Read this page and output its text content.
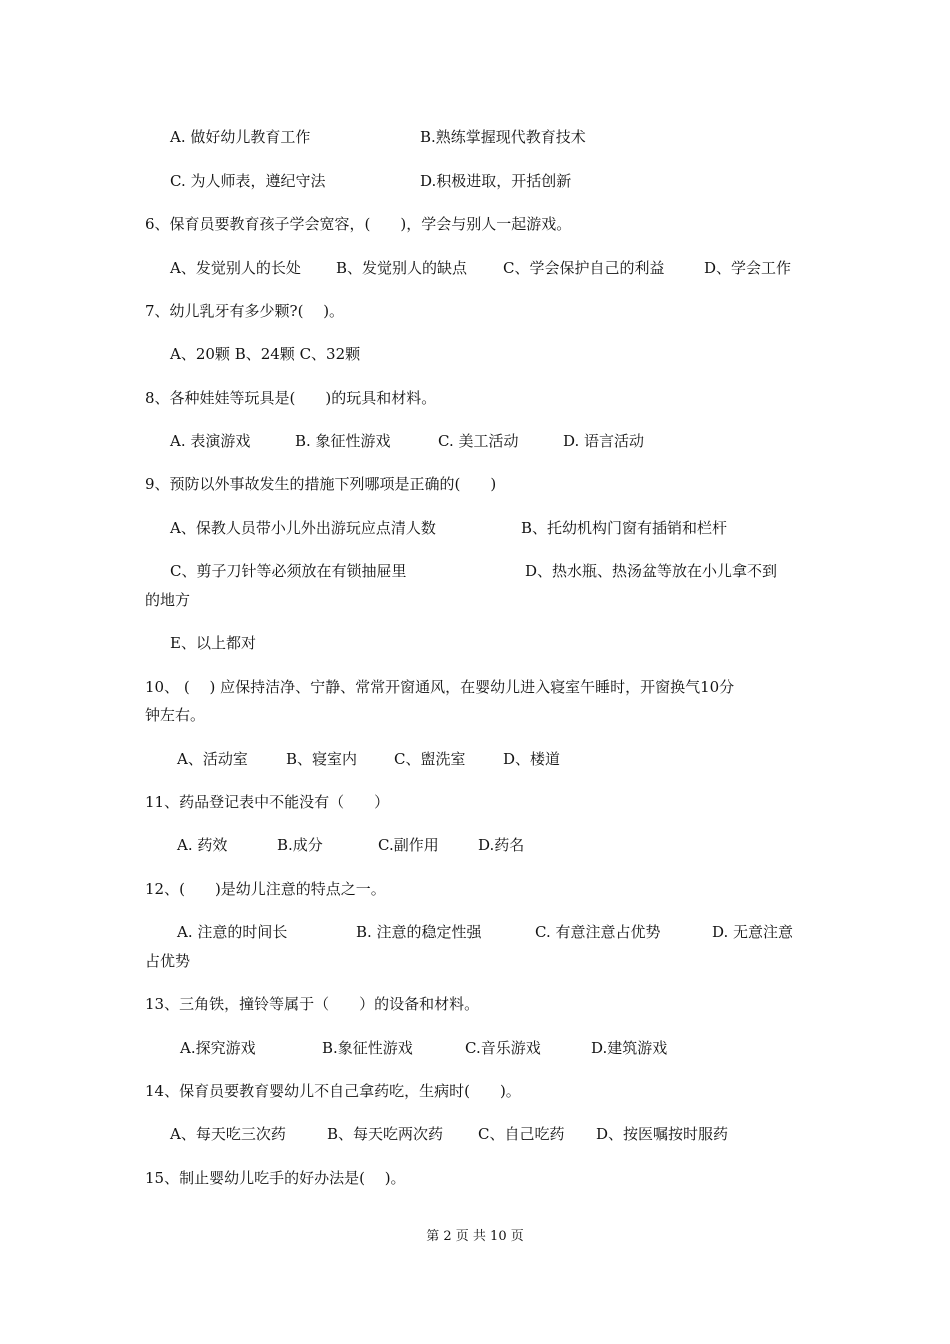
A. 做好幼儿教育工作	B.熟练掌握现代教育技术
C. 为人师表，遵纪守法	D.积极进取，开括创新
6、保育员要教育孩子学会宽容，(　　)，学会与别人一起游戏。
A、发觉别人的长处 B、发觉别人的缺点 C、学会保护自己的利益	D、学会工作
7、幼儿乳牙有多少颗?(　 )。
A、20颗 B、24颗 C、32颗
8、各种娃娃等玩具是(　　)的玩具和材料。
A. 表演游戏	B. 象征性游戏	C. 美工活动	D. 语言活动
9、预防以外事故发生的措施下列哪项是正确的(　　)
A、保教人员带小儿外出游玩应点清人数	B、托幼机构门窗有插销和栏杆
C、剪子刀针等必须放在有锁抽屉里	D、热水瓶、热汤盆等放在小儿拿不到
的地方
E、以上都对
10、 (　 ) 应保持洁净、宁静、常常开窗通风，在婴幼儿进入寝室午睡时，开窗换气10分
钟左右。
A、活动室	B、寝室内 C、盥洗室	D、楼道
11、药品登记表中不能没有（　　）
A. 药效	B.成分	C.副作用	D.药名
12、(　　)是幼儿注意的特点之一。
A. 注意的时间长	B. 注意的稳定性强	C. 有意注意占优势	D. 无意注意
占优势
13、三角铁，撞铃等属于（　　）的设备和材料。
A.探究游戏	B.象征性游戏	C.音乐游戏	D.建筑游戏
14、保育员要教育婴幼儿不自己拿药吃，生病时(　　)。
A、每天吃三次药	B、每天吃两次药 C、自己吃药 D、按医嘱按时服药
15、制止婴幼儿吃手的好办法是(　 )。
第 2 页 共 10 页
